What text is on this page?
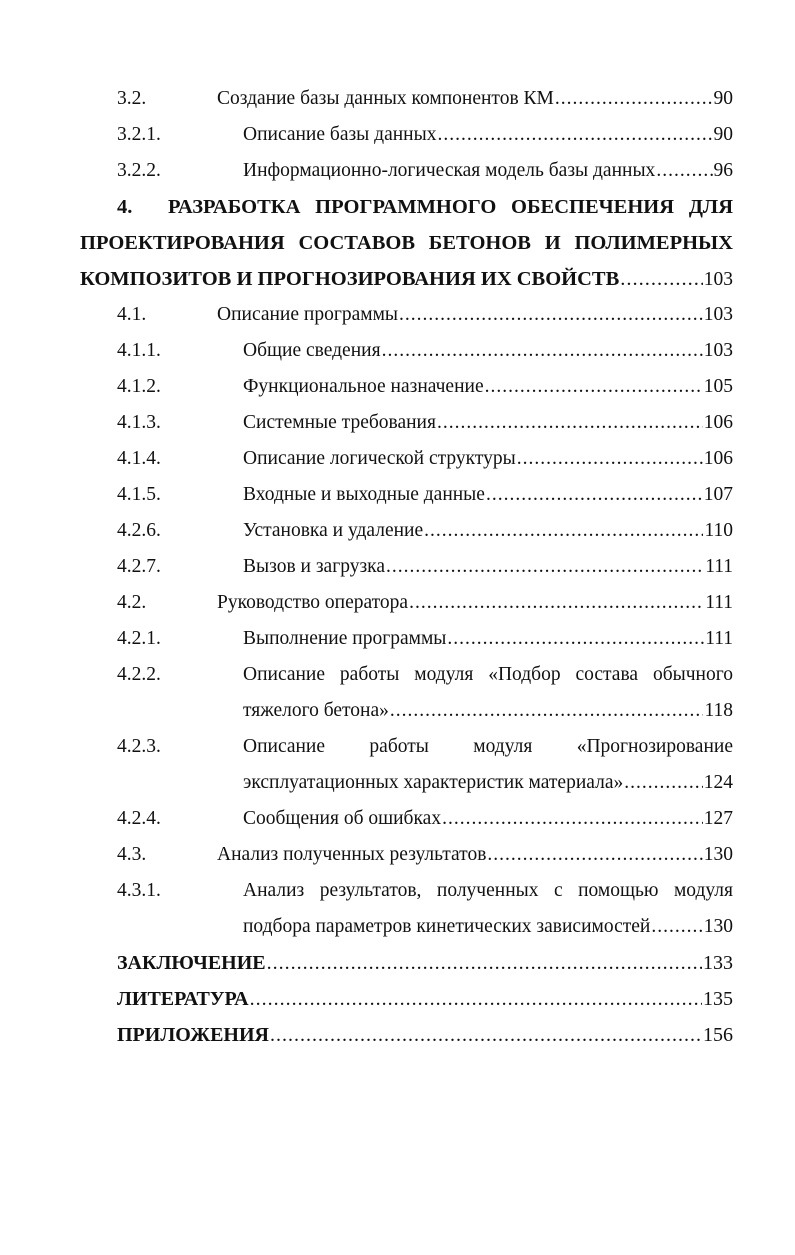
3.2.	Создание базы данных компонентов КМ .....	90
3.2.1.	Описание базы данных .....	90
3.2.2.	Информационно-логическая модель базы данных .....	96
4. РАЗРАБОТКА ПРОГРАММНОГО ОБЕСПЕЧЕНИЯ ДЛЯ
ПРОЕКТИРОВАНИЯ СОСТАВОВ БЕТОНОВ И ПОЛИМЕРНЫХ
КОМПОЗИТОВ И ПРОГНОЗИРОВАНИЯ ИХ СВОЙСТВ .....	103
4.1.	Описание программы .....	103
4.1.1.	Общие сведения .....	103
4.1.2.	Функциональное назначение .....	105
4.1.3.	Системные требования .....	106
4.1.4.	Описание логической структуры .....	106
4.1.5.	Входные и выходные данные .....	107
4.2.6.	Установка и удаление .....	110
4.2.7.	Вызов и загрузка .....	111
4.2.	Руководство оператора .....	111
4.2.1.	Выполнение программы .....	111
4.2.2.	Описание работы модуля «Подбор состава обычного
тяжелого бетона» .....	118
4.2.3.	Описание работы модуля «Прогнозирование
эксплуатационных характеристик материала» .....	124
4.2.4.	Сообщения об ошибках .....	127
4.3.	Анализ полученных результатов .....	130
4.3.1.	Анализ результатов, полученных с помощью модуля
подбора параметров кинетических зависимостей .....	130
ЗАКЛЮЧЕНИЕ .....	133
ЛИТЕРАТУРА .....	135
ПРИЛОЖЕНИЯ .....	156
